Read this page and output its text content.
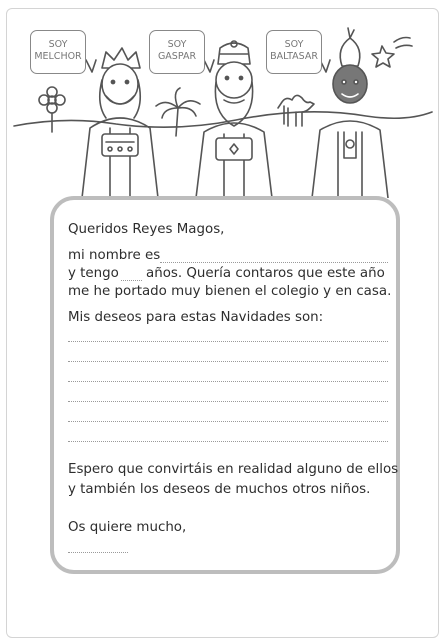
SOY
MELCHOR
SOY
GASPAR
SOY
BALTASAR
Queridos Reyes Magos,
mi nombre es
y tengo años. Quería contaros que este año
me he portado muy bienen el colegio y en casa.
Mis deseos para estas Navidades son:
Espero que convirtáis en realidad alguno de ellos
y también los deseos de muchos otros niños.
Os quiere mucho,
